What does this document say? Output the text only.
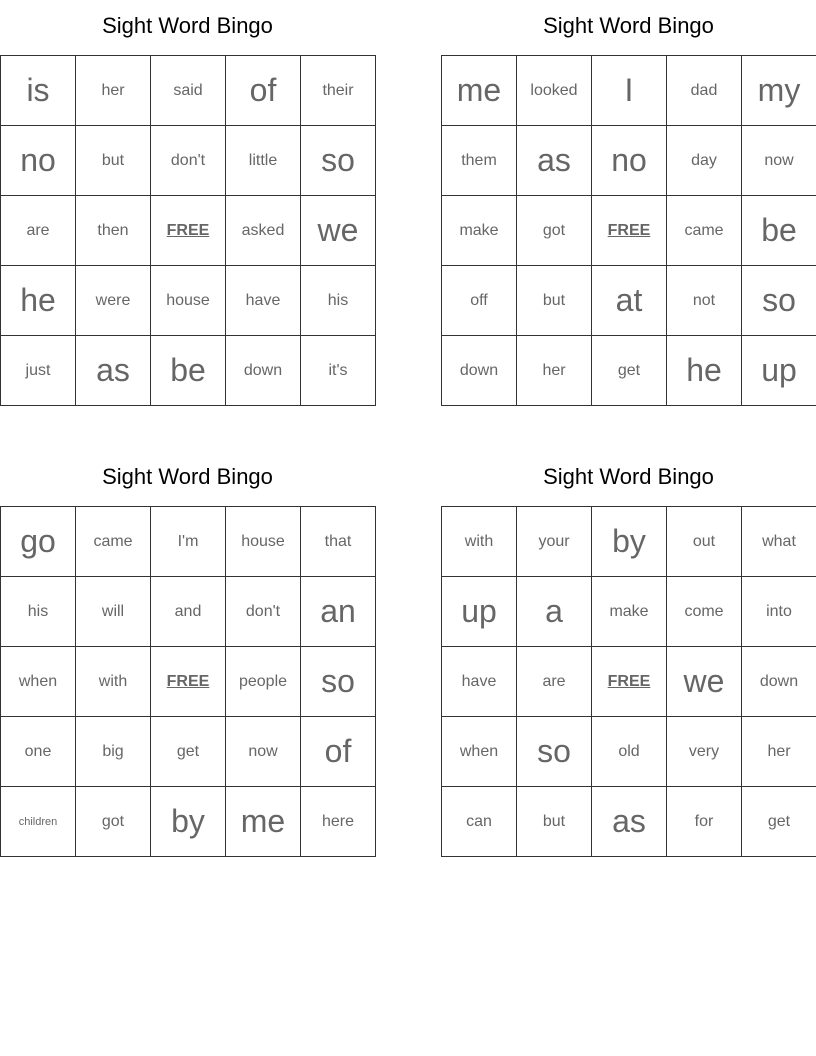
Sight Word Bingo
is	her	said	of	their
no	but	don't	little	so
are	then	FREE	asked	we
he	were	house	have	his
just	as	be	down	it's
Sight Word Bingo
me	looked	I	dad	my
them	as	no	day	now
make	got	FREE	came	be
off	but	at	not	so
down	her	get	he	up
Sight Word Bingo
go	came	I'm	house	that
his	will	and	don't	an
when	with	FREE	people	so
one	big	get	now	of
children	got	by	me	here
Sight Word Bingo
with	your	by	out	what
up	a	make	come	into
have	are	FREE	we	down
when	so	old	very	her
can	but	as	for	get
